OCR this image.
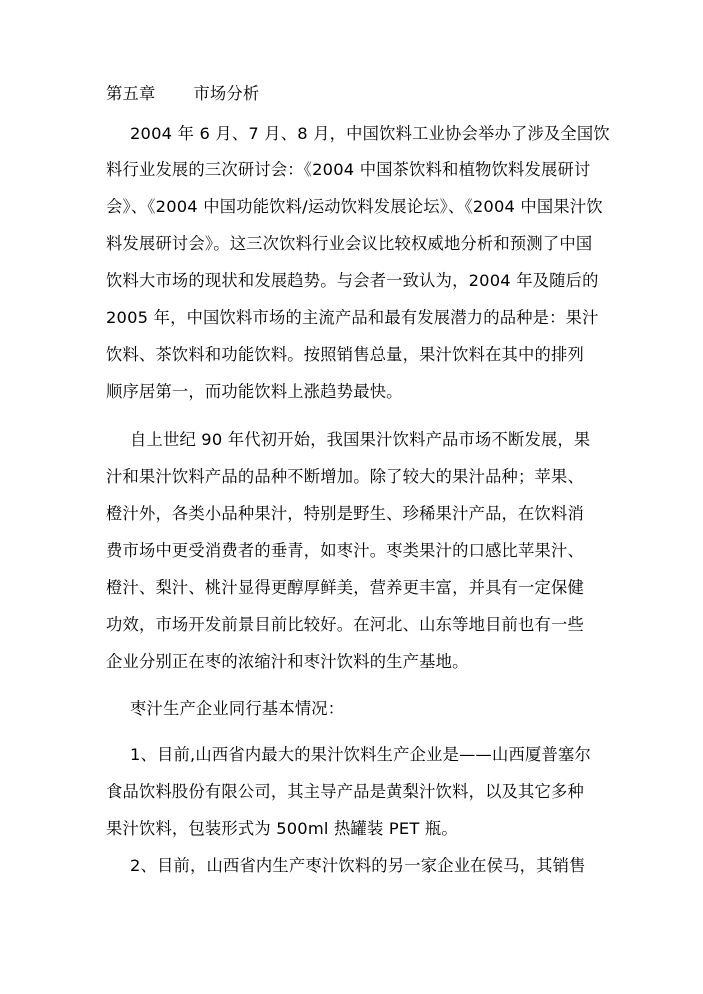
第五章 市场分析
2004 年 6 月、7 月、8 月，中国饮料工业协会举办了涉及全国饮
料行业发展的三次研讨会：《2004 中国茶饮料和植物饮料发展研讨
会》、《2004 中国功能饮料/运动饮料发展论坛》、《2004 中国果汁饮
料发展研讨会》。这三次饮料行业会议比较权威地分析和预测了中国
饮料大市场的现状和发展趋势。与会者一致认为，2004 年及随后的
2005 年，中国饮料市场的主流产品和最有发展潜力的品种是：果汁
饮料、茶饮料和功能饮料。按照销售总量，果汁饮料在其中的排列
顺序居第一，而功能饮料上涨趋势最快。
自上世纪 90 年代初开始，我国果汁饮料产品市场不断发展，果
汁和果汁饮料产品的品种不断增加。除了较大的果汁品种；苹果、
橙汁外，各类小品种果汁，特别是野生、珍稀果汁产品，在饮料消
费市场中更受消费者的垂青，如枣汁。枣类果汁的口感比苹果汁、
橙汁、梨汁、桃汁显得更醇厚鲜美，营养更丰富，并具有一定保健
功效，市场开发前景目前比较好。在河北、山东等地目前也有一些
企业分别正在枣的浓缩汁和枣汁饮料的生产基地。
枣汁生产企业同行基本情况：
1、目前,山西省内最大的果汁饮料生产企业是——山西厦普塞尔
食品饮料股份有限公司，其主导产品是黄梨汁饮料，以及其它多种
果汁饮料，包装形式为 500ml 热罐装 PET 瓶。
2、目前，山西省内生产枣汁饮料的另一家企业在侯马，其销售
